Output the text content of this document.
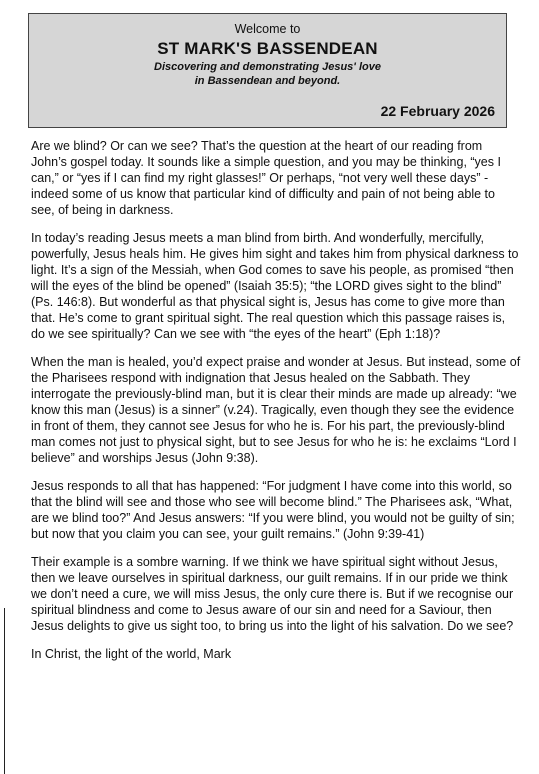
Welcome to
ST MARK'S BASSENDEAN
Discovering and demonstrating Jesus' love
in Bassendean and beyond.
22 February 2026

Are we blind? Or can we see? That’s the question at the heart of our reading from John’s gospel today. It sounds like a simple question, and you may be thinking, “yes I can,” or “yes if I can find my right glasses!” Or perhaps, “not very well these days” - indeed some of us know that particular kind of difficulty and pain of not being able to see, of being in darkness.

In today’s reading Jesus meets a man blind from birth. And wonderfully, mercifully, powerfully, Jesus heals him. He gives him sight and takes him from physical darkness to light. It’s a sign of the Messiah, when God comes to save his people, as promised “then will the eyes of the blind be opened” (Isaiah 35:5); “the LORD gives sight to the blind” (Ps. 146:8). But wonderful as that physical sight is, Jesus has come to give more than that. He’s come to grant spiritual sight. The real question which this passage raises is, do we see spiritually? Can we see with “the eyes of the heart” (Eph 1:18)?

When the man is healed, you’d expect praise and wonder at Jesus. But instead, some of the Pharisees respond with indignation that Jesus healed on the Sabbath. They interrogate the previously-blind man, but it is clear their minds are made up already: “we know this man (Jesus) is a sinner” (v.24). Tragically, even though they see the evidence in front of them, they cannot see Jesus for who he is. For his part, the previously-blind man comes not just to physical sight, but to see Jesus for who he is: he exclaims “Lord I believe” and worships Jesus (John 9:38).

Jesus responds to all that has happened: “For judgment I have come into this world, so that the blind will see and those who see will become blind.” The Pharisees ask, “What, are we blind too?” And Jesus answers: “If you were blind, you would not be guilty of sin; but now that you claim you can see, your guilt remains.” (John 9:39-41)

Their example is a sombre warning. If we think we have spiritual sight without Jesus, then we leave ourselves in spiritual darkness, our guilt remains. If in our pride we think we don’t need a cure, we will miss Jesus, the only cure there is. But if we recognise our spiritual blindness and come to Jesus aware of our sin and need for a Saviour, then Jesus delights to give us sight too, to bring us into the light of his salvation. Do we see?

In Christ, the light of the world, Mark
